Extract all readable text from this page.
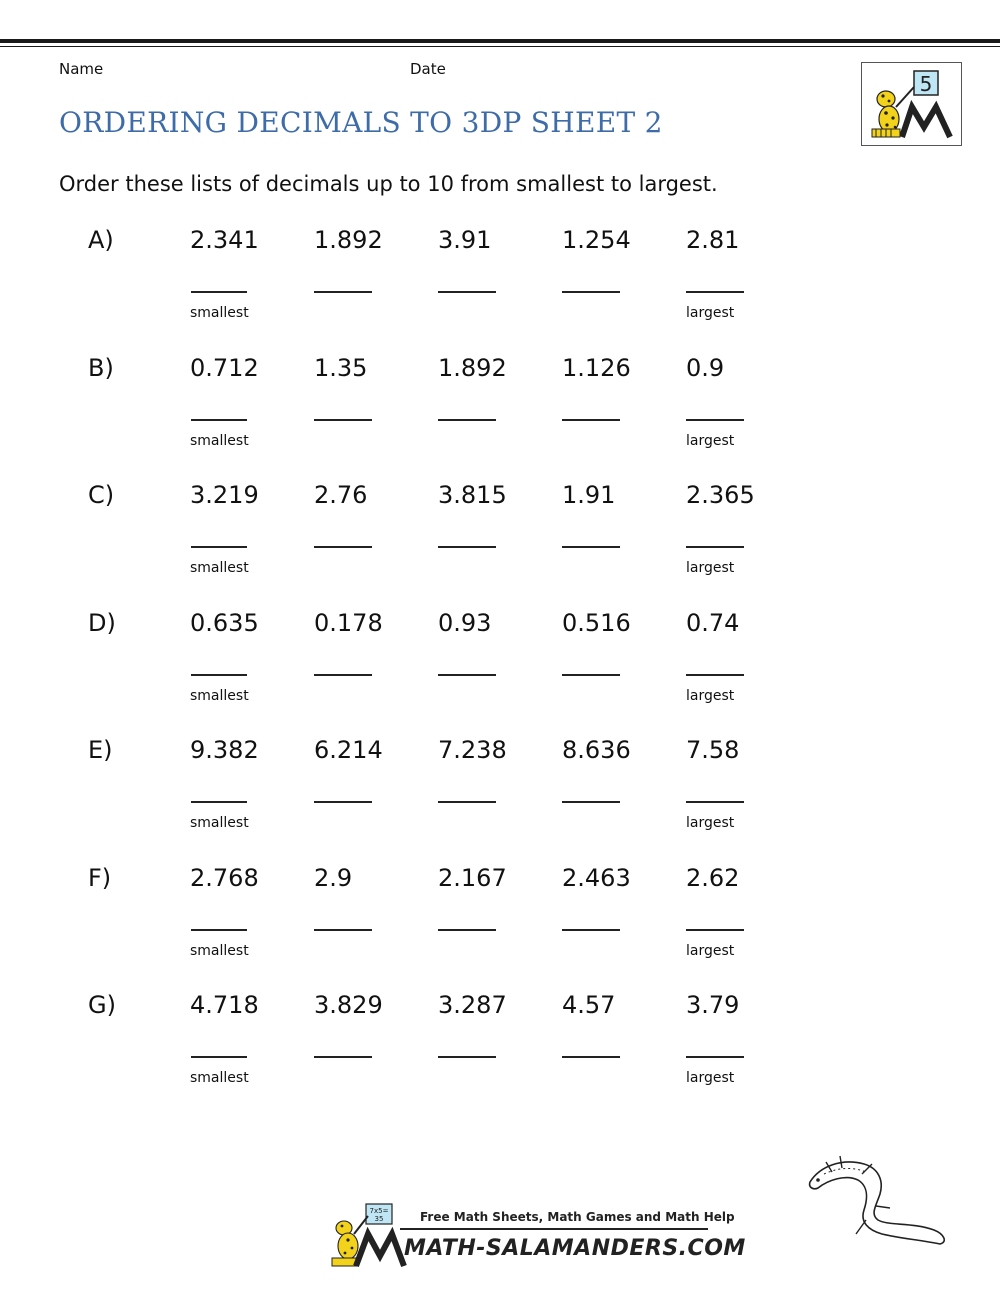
Name	Date
ORDERING DECIMALS TO 3DP SHEET 2
5
Order these lists of decimals up to 10 from smallest to largest.
A)	2.341 1.892 3.91	1.254 2.81
smallest	largest
B)	0.712 1.35	1.892 1.126 0.9
smallest	largest
C)	3.219 2.76	3.815 1.91	2.365
smallest	largest
D)	0.635 0.178 0.93	0.516 0.74
smallest	largest
E)	9.382 6.214 7.238 8.636 7.58
smallest	largest
F)	2.768 2.9	2.167 2.463 2.62
smallest	largest
G)	4.718 3.829 3.287 4.57	3.79
smallest	largest
7x5=
35	Free Math Sheets, Math Games and Math Help
MATH-SALAMANDERS.COM
